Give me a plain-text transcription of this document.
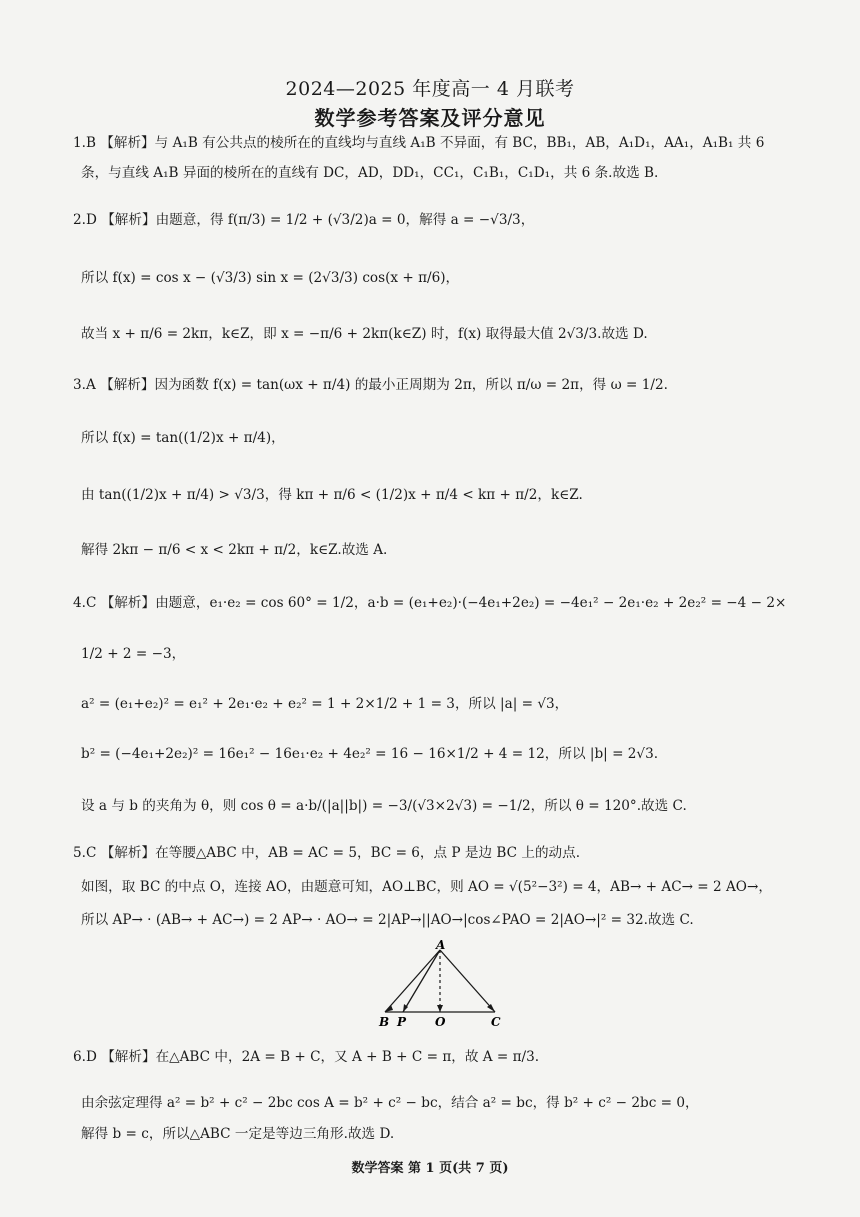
2024—2025 年度高一 4 月联考
数学参考答案及评分意见
1.B 【解析】与 A₁B 有公共点的棱所在的直线均与直线 A₁B 不异面，有 BC，BB₁，AB，A₁D₁，AA₁，A₁B₁ 共 6
条，与直线 A₁B 异面的棱所在的直线有 DC，AD，DD₁，CC₁，C₁B₁，C₁D₁，共 6 条.故选 B.
2.D 【解析】由题意，得 f(π/3) = 1/2 + (√3/2)a = 0，解得 a = −√3/3，
所以 f(x) = cos x − (√3/3) sin x = (2√3/3) cos(x + π/6)，
故当 x + π/6 = 2kπ，k∈Z，即 x = −π/6 + 2kπ(k∈Z) 时，f(x) 取得最大值 2√3/3.故选 D.
3.A 【解析】因为函数 f(x) = tan(ωx + π/4) 的最小正周期为 2π，所以 π/ω = 2π，得 ω = 1/2.
所以 f(x) = tan((1/2)x + π/4)，
由 tan((1/2)x + π/4) > √3/3，得 kπ + π/6 < (1/2)x + π/4 < kπ + π/2，k∈Z.
解得 2kπ − π/6 < x < 2kπ + π/2，k∈Z.故选 A.
4.C 【解析】由题意，e₁·e₂ = cos 60° = 1/2，a·b = (e₁+e₂)·(−4e₁+2e₂) = −4e₁² − 2e₁·e₂ + 2e₂² = −4 − 2×
1/2 + 2 = −3，
a² = (e₁+e₂)² = e₁² + 2e₁·e₂ + e₂² = 1 + 2×1/2 + 1 = 3，所以 |a| = √3，
b² = (−4e₁+2e₂)² = 16e₁² − 16e₁·e₂ + 4e₂² = 16 − 16×1/2 + 4 = 12，所以 |b| = 2√3.
设 a 与 b 的夹角为 θ，则 cos θ = a·b/(|a||b|) = −3/(√3×2√3) = −1/2，所以 θ = 120°.故选 C.
5.C 【解析】在等腰△ABC 中，AB = AC = 5，BC = 6，点 P 是边 BC 上的动点.
如图，取 BC 的中点 O，连接 AO，由题意可知，AO⊥BC，则 AO = √(5²−3²) = 4，AB→ + AC→ = 2 AO→，
所以 AP→ · (AB→ + AC→) = 2 AP→ · AO→ = 2|AP→||AO→|cos∠PAO = 2|AO→|² = 32.故选 C.
A
B P O	C
6.D 【解析】在△ABC 中，2A = B + C，又 A + B + C = π，故 A = π/3.
由余弦定理得 a² = b² + c² − 2bc cos A = b² + c² − bc，结合 a² = bc，得 b² + c² − 2bc = 0，
解得 b = c，所以△ABC 一定是等边三角形.故选 D.
数学答案 第 1 页(共 7 页)
